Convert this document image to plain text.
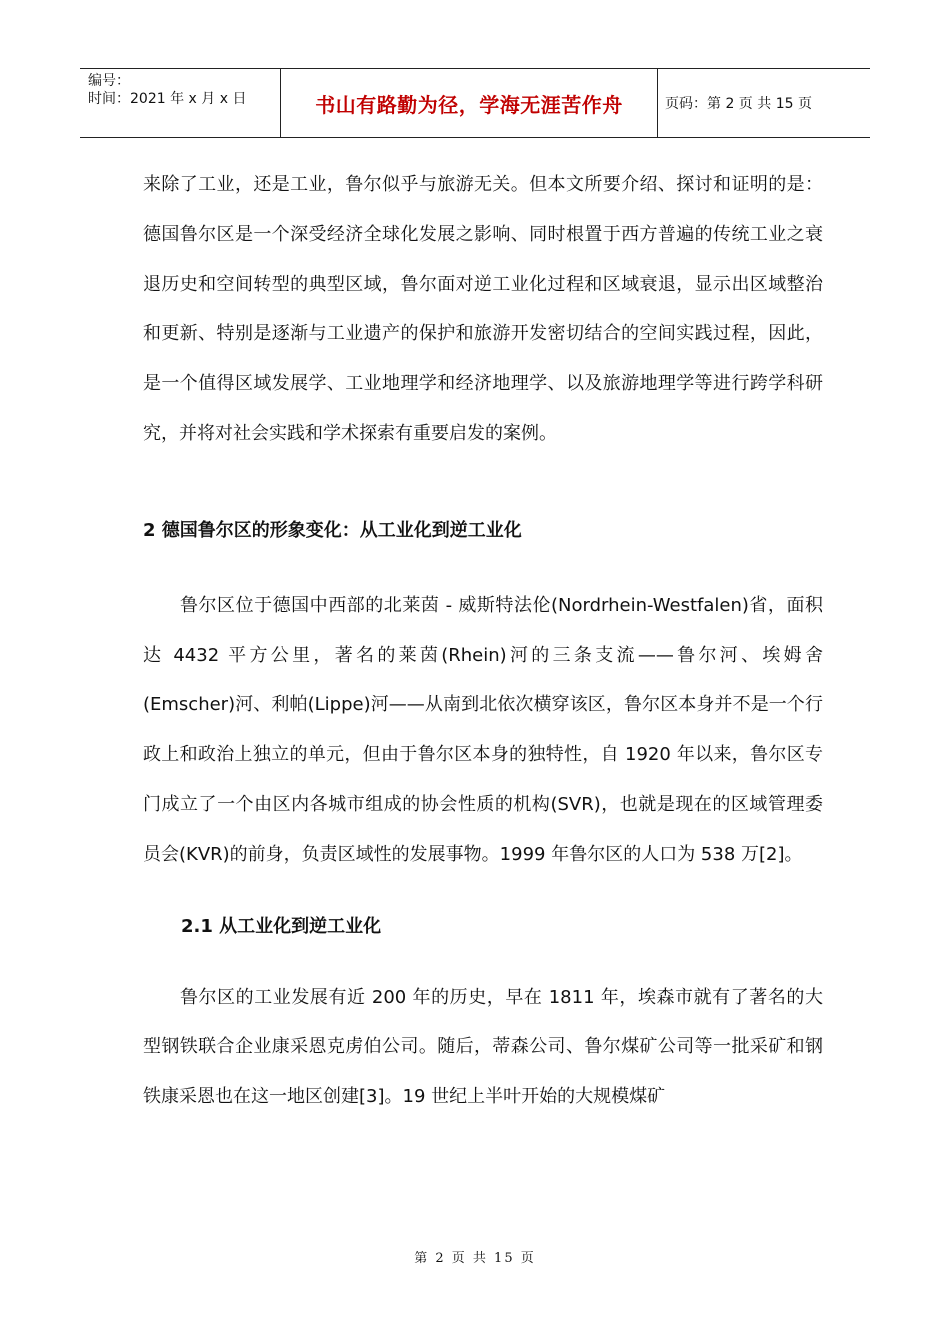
编号：
时间：2021 年 x 月 x 日	书山有路勤为径，学海无涯苦作舟	页码：第 2 页 共 15 页

来除了工业，还是工业，鲁尔似乎与旅游无关。但本文所要介绍、探讨和证明的是：德国鲁尔区是一个深受经济全球化发展之影响、同时根置于西方普遍的传统工业之衰退历史和空间转型的典型区域，鲁尔面对逆工业化过程和区域衰退，显示出区域整治和更新、特别是逐渐与工业遗产的保护和旅游开发密切结合的空间实践过程，因此，是一个值得区域发展学、工业地理学和经济地理学、以及旅游地理学等进行跨学科研究，并将对社会实践和学术探索有重要启发的案例。

2 德国鲁尔区的形象变化：从工业化到逆工业化

鲁尔区位于德国中西部的北莱茵 - 威斯特法伦(Nordrhein-Westfalen)省，面积达 4432 平方公里，著名的莱茵(Rhein)河的三条支流——鲁尔河、埃姆舍(Emscher)河、利帕(Lippe)河——从南到北依次横穿该区，鲁尔区本身并不是一个行政上和政治上独立的单元，但由于鲁尔区本身的独特性，自 1920 年以来，鲁尔区专门成立了一个由区内各城市组成的协会性质的机构(SVR)，也就是现在的区域管理委员会(KVR)的前身，负责区域性的发展事物。1999 年鲁尔区的人口为 538 万[2]。

2.1 从工业化到逆工业化

鲁尔区的工业发展有近 200 年的历史，早在 1811 年，埃森市就有了著名的大型钢铁联合企业康采恩克虏伯公司。随后，蒂森公司、鲁尔煤矿公司等一批采矿和钢铁康采恩也在这一地区创建[3]。19 世纪上半叶开始的大规模煤矿

第 2 页 共 15 页
